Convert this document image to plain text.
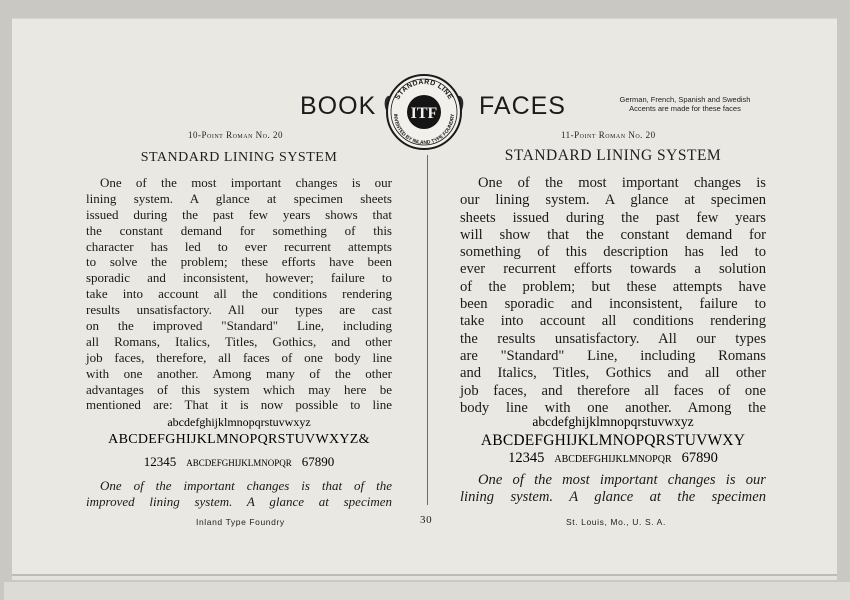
BOOK	FACES	German, French, Spanish and Swedish
Accents are made for these faces
STANDARD LINE
INVENTED BY INLAND TYPE FOUNDRY
ITF
10-Point Roman No. 20	11-Point Roman No. 20
STANDARD LINING SYSTEM	STANDARD LINING SYSTEM
One of the most important changes is our
lining system. A glance at specimen sheets
issued during the past few years shows that
the constant demand for something of this
character has led to ever recurrent attempts
to solve the problem; these efforts have been
sporadic and inconsistent, however; failure to
take into account all the conditions rendering
results unsatisfactory. All our types are cast
on the improved "Standard" Line, including
all Romans, Italics, Titles, Gothics, and other
job faces, therefore, all faces of one body line
with one another. Among many of the other
advantages of this system which may here be
mentioned are: That it is now possible to line
abcdefghijklmnopqrstuvwxyz
ABCDEFGHIJKLMNOPQRSTUVWXYZ&
12345 ABCDEFGHIJKLMNOPQR 67890
One of the important changes is that of the
improved lining system. A glance at specimen
One of the most important changes is
our lining system. A glance at specimen
sheets issued during the past few years
will show that the constant demand for
something of this description has led to
ever recurrent efforts towards a solution
of the problem; but these attempts have
been sporadic and inconsistent, failure to
take into account all conditions rendering
the results unsatisfactory. All our types
are "Standard" Line, including Romans
and Italics, Titles, Gothics and all other
job faces, and therefore all faces of one
body line with one another. Among the
abcdefghijklmnopqrstuvwxyz
ABCDEFGHIJKLMNOPQRSTUVWXY
12345 ABCDEFGHIJKLMNOPQR 67890
One of the most important changes is our
lining system. A glance at the specimen
Inland Type Foundry	30	St. Louis, Mo., U. S. A.
